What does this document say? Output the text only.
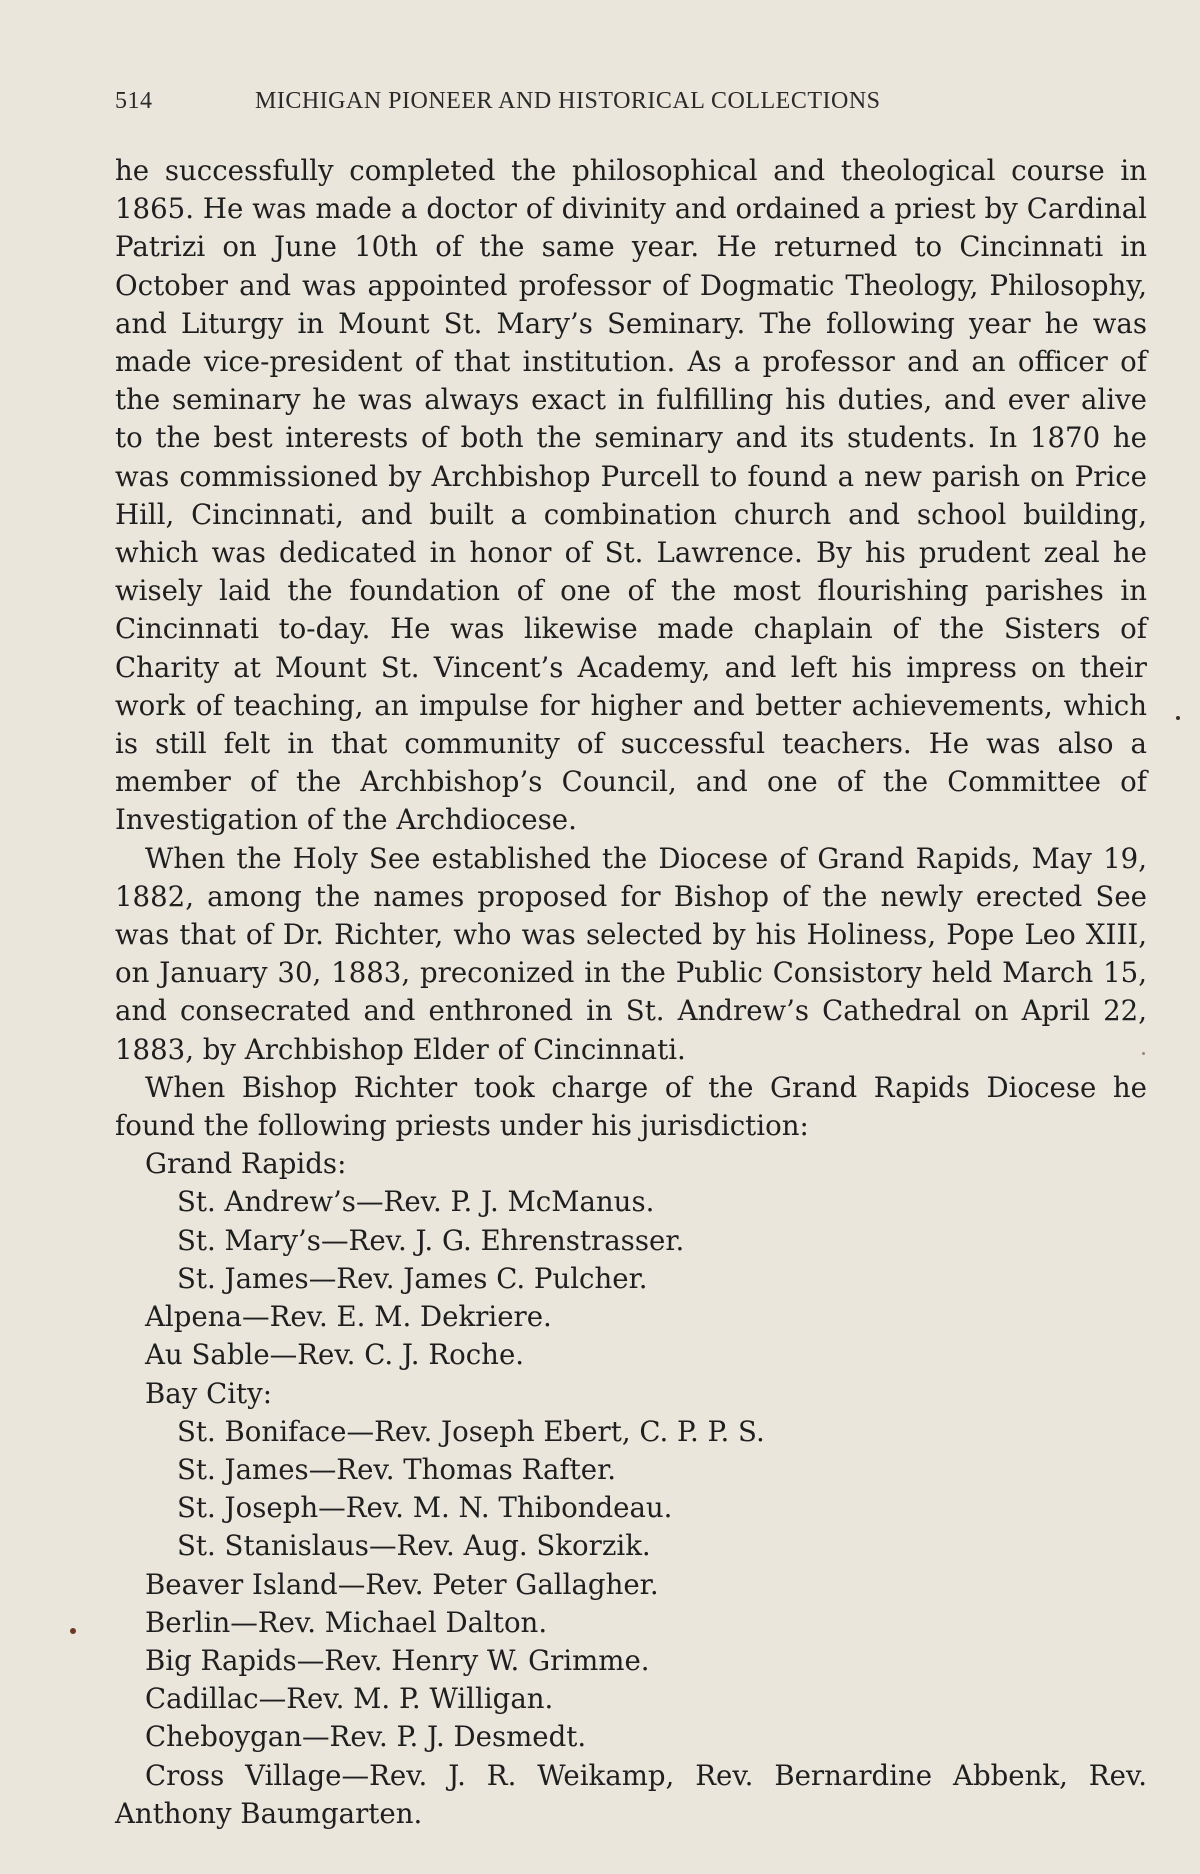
514	MICHIGAN PIONEER AND HISTORICAL COLLECTIONS

he successfully completed the philosophical and theological course in 1865. He was made a doctor of divinity and ordained a priest by Cardinal Patrizi on June 10th of the same year. He returned to Cincinnati in October and was appointed professor of Dogmatic Theology, Philosophy, and Liturgy in Mount St. Mary’s Seminary. The following year he was made vice-president of that institution. As a professor and an officer of the seminary he was always exact in fulfilling his duties, and ever alive to the best interests of both the seminary and its students. In 1870 he was commissioned by Archbishop Purcell to found a new parish on Price Hill, Cincinnati, and built a combination church and school building, which was dedicated in honor of St. Lawrence. By his prudent zeal he wisely laid the foundation of one of the most flourishing parishes in Cincinnati to-day. He was likewise made chaplain of the Sisters of Charity at Mount St. Vincent’s Academy, and left his impress on their work of teaching, an impulse for higher and better achievements, which is still felt in that community of successful teachers. He was also a member of the Archbishop’s Council, and one of the Committee of Investigation of the Archdiocese.

When the Holy See established the Diocese of Grand Rapids, May 19, 1882, among the names proposed for Bishop of the newly erected See was that of Dr. Richter, who was selected by his Holiness, Pope Leo XIII, on January 30, 1883, preconized in the Public Consistory held March 15, and consecrated and enthroned in St. Andrew’s Cathedral on April 22, 1883, by Archbishop Elder of Cincinnati.

When Bishop Richter took charge of the Grand Rapids Diocese he found the following priests under his jurisdiction:

Grand Rapids:
St. Andrew’s—Rev. P. J. McManus.
St. Mary’s—Rev. J. G. Ehrenstrasser.
St. James—Rev. James C. Pulcher.
Alpena—Rev. E. M. Dekriere.
Au Sable—Rev. C. J. Roche.
Bay City:
St. Boniface—Rev. Joseph Ebert, C. P. P. S.
St. James—Rev. Thomas Rafter.
St. Joseph—Rev. M. N. Thibondeau.
St. Stanislaus—Rev. Aug. Skorzik.
Beaver Island—Rev. Peter Gallagher.
Berlin—Rev. Michael Dalton.
Big Rapids—Rev. Henry W. Grimme.
Cadillac—Rev. M. P. Willigan.
Cheboygan—Rev. P. J. Desmedt.

Cross Village—Rev. J. R. Weikamp, Rev. Bernardine Abbenk, Rev. Anthony Baumgarten.
